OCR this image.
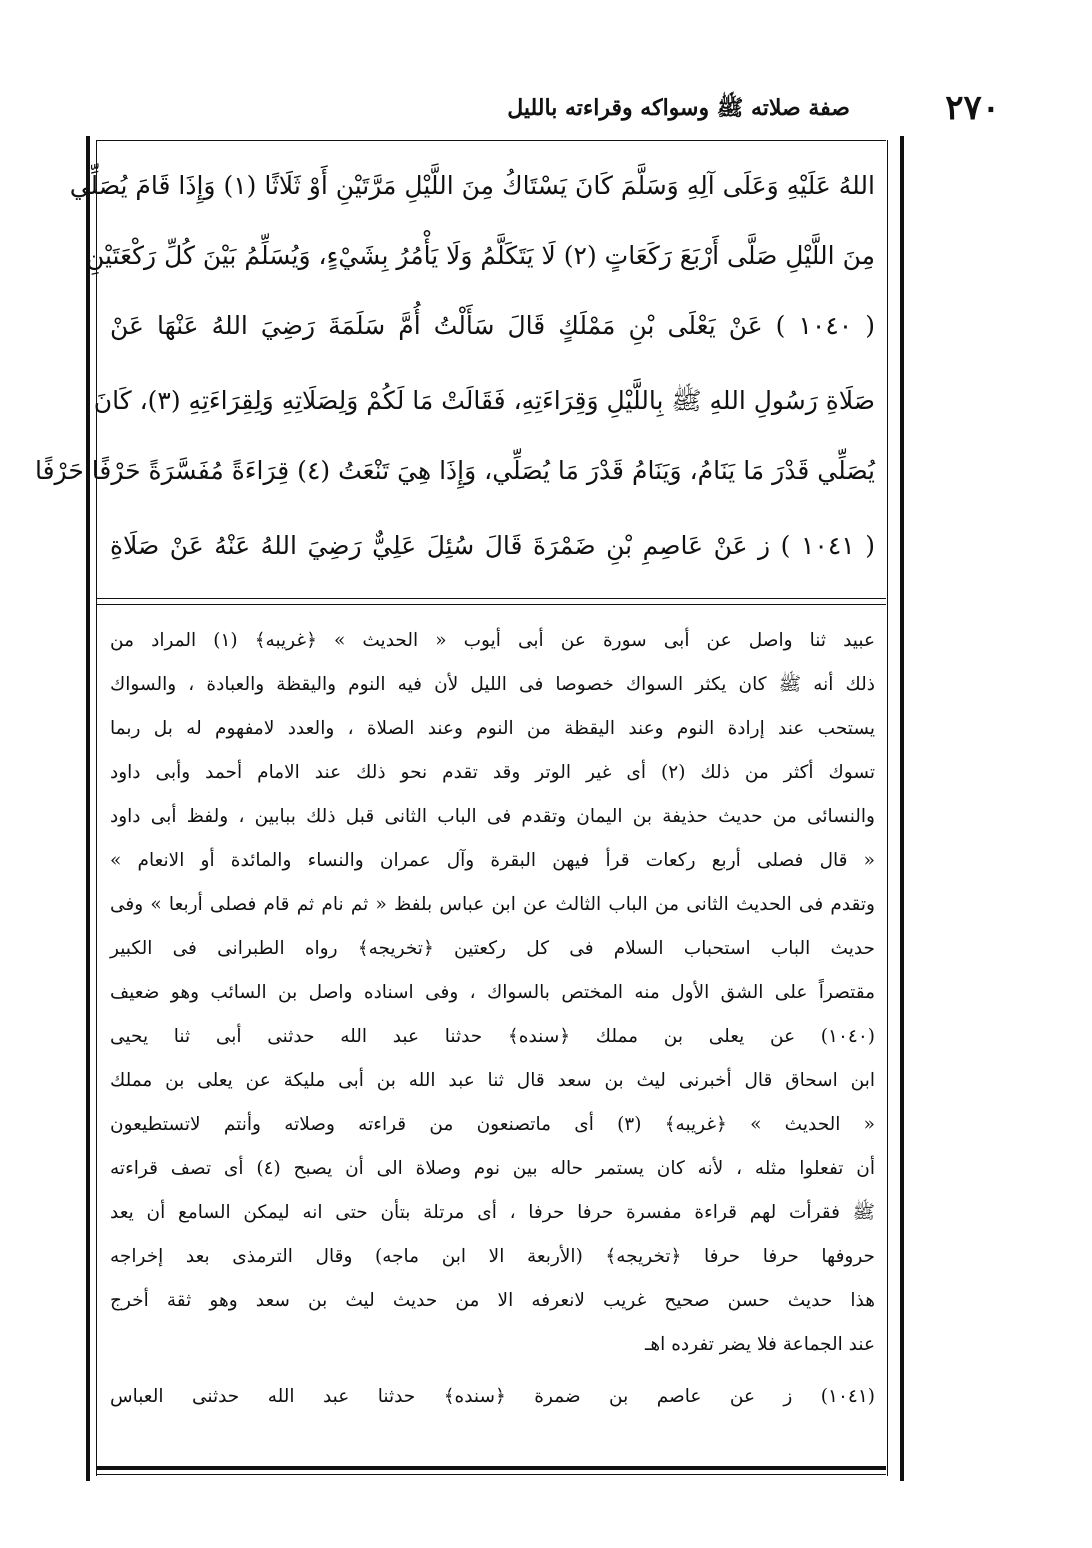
٢٧٠
صفة صلاته ﷺ وسواكه وقراءته بالليل
اللهُ عَلَيْهِ وَعَلَى آلِهِ وَسَلَّمَ كَانَ يَسْتَاكُ مِنَ اللَّيْلِ مَرَّتَيْنِ أَوْ ثَلَاثًا (١) وَإِذَا قَامَ يُصَلِّي
مِنَ اللَّيْلِ صَلَّى أَرْبَعَ رَكَعَاتٍ (٢) لَا يَتَكَلَّمُ وَلَا يَأْمُرُ بِشَيْءٍ، وَيُسَلِّمُ بَيْنَ كُلِّ رَكْعَتَيْنِ
( ١٠٤٠ ) عَنْ يَعْلَى بْنِ مَمْلَكٍ قَالَ سَأَلْتُ أُمَّ سَلَمَةَ رَضِيَ اللهُ عَنْهَا عَنْ
صَلَاةِ رَسُولِ اللهِ ﷺ بِاللَّيْلِ وَقِرَاءَتِهِ، فَقَالَتْ مَا لَكُمْ وَلِصَلَاتِهِ وَلِقِرَاءَتِهِ (٣)، كَانَ
يُصَلِّي قَدْرَ مَا يَنَامُ، وَيَنَامُ قَدْرَ مَا يُصَلِّي، وَإِذَا هِيَ تَنْعَتُ (٤) قِرَاءَةً مُفَسَّرَةً حَرْفًا حَرْفًا
( ١٠٤١ ) ز عَنْ عَاصِمِ بْنِ ضَمْرَةَ قَالَ سُئِلَ عَلِيٌّ رَضِيَ اللهُ عَنْهُ عَنْ صَلَاةِ
عبيد ثنا واصل عن أبى سورة عن أبى أيوب « الحديث » ﴿غريبه﴾ (١) المراد من
ذلك أنه ﷺ كان يكثر السواك خصوصا فى الليل لأن فيه النوم واليقظة والعبادة ، والسواك
يستحب عند إرادة النوم وعند اليقظة من النوم وعند الصلاة ، والعدد لامفهوم له بل ربما
تسوك أكثر من ذلك (٢) أى غير الوتر وقد تقدم نحو ذلك عند الامام أحمد وأبى داود
والنسائى من حديث حذيفة بن اليمان وتقدم فى الباب الثانى قبل ذلك ببابين ، ولفظ أبى داود
« قال فصلى أربع ركعات قرأ فيهن البقرة وآل عمران والنساء والمائدة أو الانعام »
وتقدم فى الحديث الثانى من الباب الثالث عن ابن عباس بلفظ « ثم نام ثم قام فصلى أربعا » وفى
حديث الباب استحباب السلام فى كل ركعتين ﴿تخريجه﴾ رواه الطبرانى فى الكبير
مقتصراً على الشق الأول منه المختص بالسواك ، وفى اسناده واصل بن السائب وهو ضعيف
(١٠٤٠) عن يعلى بن مملك ﴿سنده﴾ حدثنا عبد الله حدثنى أبى ثنا يحيى
ابن اسحاق قال أخبرنى ليث بن سعد قال ثنا عبد الله بن أبى مليكة عن يعلى بن مملك
« الحديث » ﴿غريبه﴾ (٣) أى ماتصنعون من قراءته وصلاته وأنتم لاتستطيعون
أن تفعلوا مثله ، لأنه كان يستمر حاله بين نوم وصلاة الى أن يصبح (٤) أى تصف قراءته
ﷺ فقرأت لهم قراءة مفسرة حرفا حرفا ، أى مرتلة بتأن حتى انه ليمكن السامع أن يعد
حروفها حرفا حرفا ﴿تخريجه﴾ (الأربعة الا ابن ماجه) وقال الترمذى بعد إخراجه
هذا حديث حسن صحيح غريب لانعرفه الا من حديث ليث بن سعد وهو ثقة أخرج
عند الجماعة فلا يضر تفرده اهـ
(١٠٤١) ز عن عاصم بن ضمرة ﴿سنده﴾ حدثنا عبد الله حدثنى العباس
